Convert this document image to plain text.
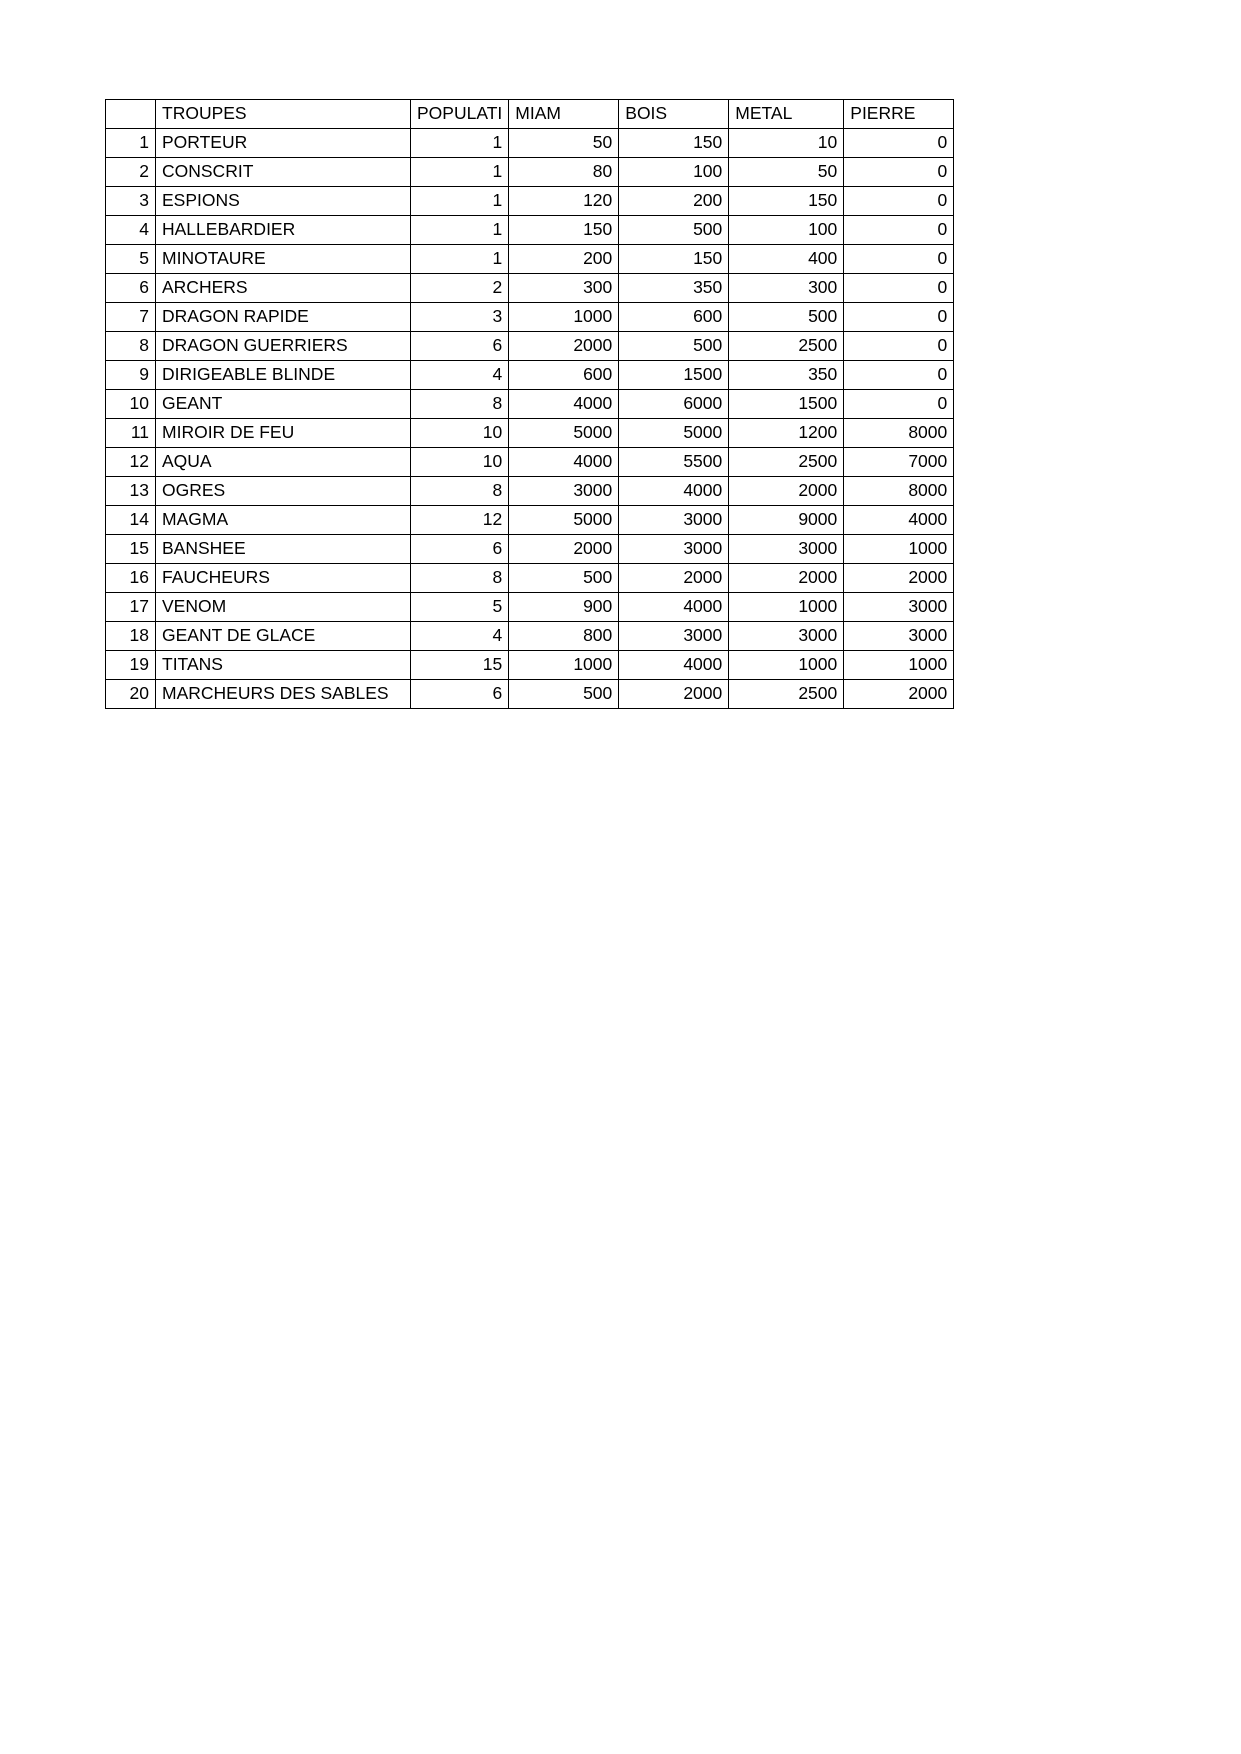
	TROUPES	POPULATI	MIAM	BOIS	METAL	PIERRE
1	PORTEUR	1	50	150	10	0
2	CONSCRIT	1	80	100	50	0
3	ESPIONS	1	120	200	150	0
4	HALLEBARDIER	1	150	500	100	0
5	MINOTAURE	1	200	150	400	0
6	ARCHERS	2	300	350	300	0
7	DRAGON RAPIDE	3	1000	600	500	0
8	DRAGON GUERRIERS	6	2000	500	2500	0
9	DIRIGEABLE BLINDE	4	600	1500	350	0
10	GEANT	8	4000	6000	1500	0
11	MIROIR DE FEU	10	5000	5000	1200	8000
12	AQUA	10	4000	5500	2500	7000
13	OGRES	8	3000	4000	2000	8000
14	MAGMA	12	5000	3000	9000	4000
15	BANSHEE	6	2000	3000	3000	1000
16	FAUCHEURS	8	500	2000	2000	2000
17	VENOM	5	900	4000	1000	3000
18	GEANT DE GLACE	4	800	3000	3000	3000
19	TITANS	15	1000	4000	1000	1000
20	MARCHEURS DES SABLES	6	500	2000	2500	2000
